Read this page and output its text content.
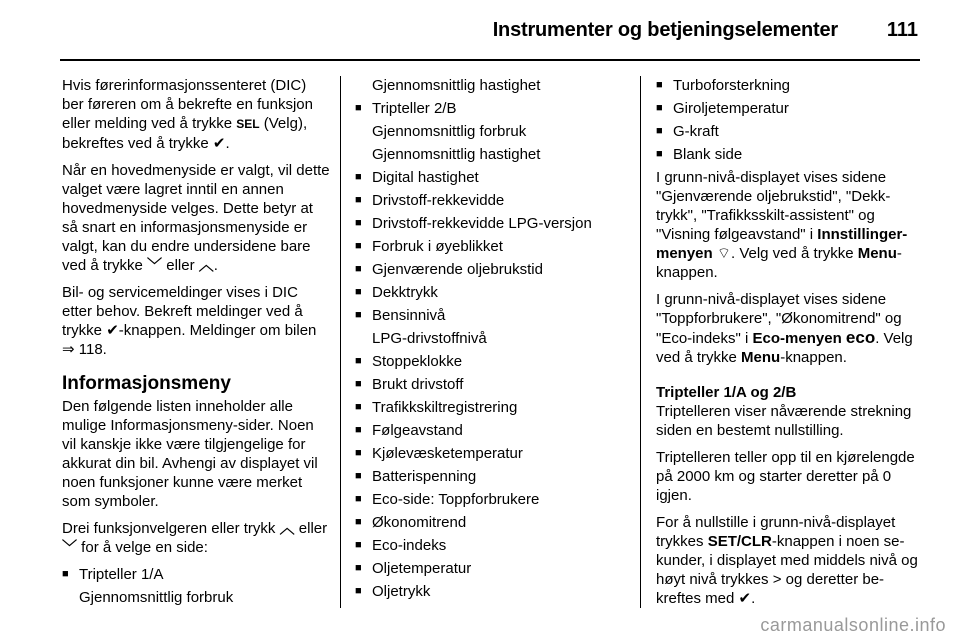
Instrumenter og betjeningselementer 111

Hvis førerinformasjonssenteret (DIC) ber føreren om å bekrefte en funksjon eller melding ved å trykke SEL (Velg), bekreftes ved å trykke ✔.

Når en hovedmenyside er valgt, vil dette valget være lagret inntil en annen hovedmenyside velges. Dette betyr at så snart en informasjonsmenyside er valgt, kan du endre undersidene bare ved å trykke ﹀ eller ︿.

Bil- og servicemeldinger vises i DIC etter behov. Bekreft meldinger ved å trykke ✔-knappen. Meldinger om bilen ⇒ 118.

Informasjonsmeny

Den følgende listen inneholder alle mulige Informasjonsmeny-sider. Noen vil kanskje ikke være tilgjengelige for akkurat din bil. Avhengi av displayet vil noen funksjoner kunne være merket som symboler.

Drei funksjonvelgeren eller trykk ︿ eller ﹀ for å velge en side:

■ Tripteller 1/A
Gjennomsnittlig forbruk
Gjennomsnittlig hastighet
■ Tripteller 2/B
Gjennomsnittlig forbruk
Gjennomsnittlig hastighet
■ Digital hastighet
■ Drivstoff-rekkevidde
■ Drivstoff-rekkevidde LPG-versjon
■ Forbruk i øyeblikket
■ Gjenværende oljebrukstid
■ Dekktrykk
■ Bensinnivå
LPG-drivstoffnivå
■ Stoppeklokke
■ Brukt drivstoff
■ Trafikkskiltregistrering
■ Følgeavstand
■ Kjølevæsketemperatur
■ Batterispenning
■ Eco-side: Toppforbrukere
■ Økonomitrend
■ Eco-indeks
■ Oljetemperatur
■ Oljetrykk
■ Turboforsterkning
■ Giroljetemperatur
■ G-kraft
■ Blank side

I grunn-nivå-displayet vises sidene "Gjenværende oljebrukstid", "Dekktrykk", "Trafikksskilt-assistent" og "Visning følgeavstand" i Innstillinger-menyen ⌔. Velg ved å trykke Menu-knappen.

I grunn-nivå-displayet vises sidene "Toppforbrukere", "Økonomitrend" og "Eco-indeks" i Eco-menyen eco. Velg ved å trykke Menu-knappen.

Tripteller 1/A og 2/B

Triptelleren viser nåværende strekning siden en bestemt nullstilling.

Triptelleren teller opp til en kjørelengde på 2000 km og starter deretter på 0 igjen.

For å nullstille i grunn-nivå-displayet trykkes SET/CLR-knappen i noen sekunder, i displayet med middels nivå og høyt nivå trykkes > og deretter bekreftes med ✔.

carmanualsonline.info
